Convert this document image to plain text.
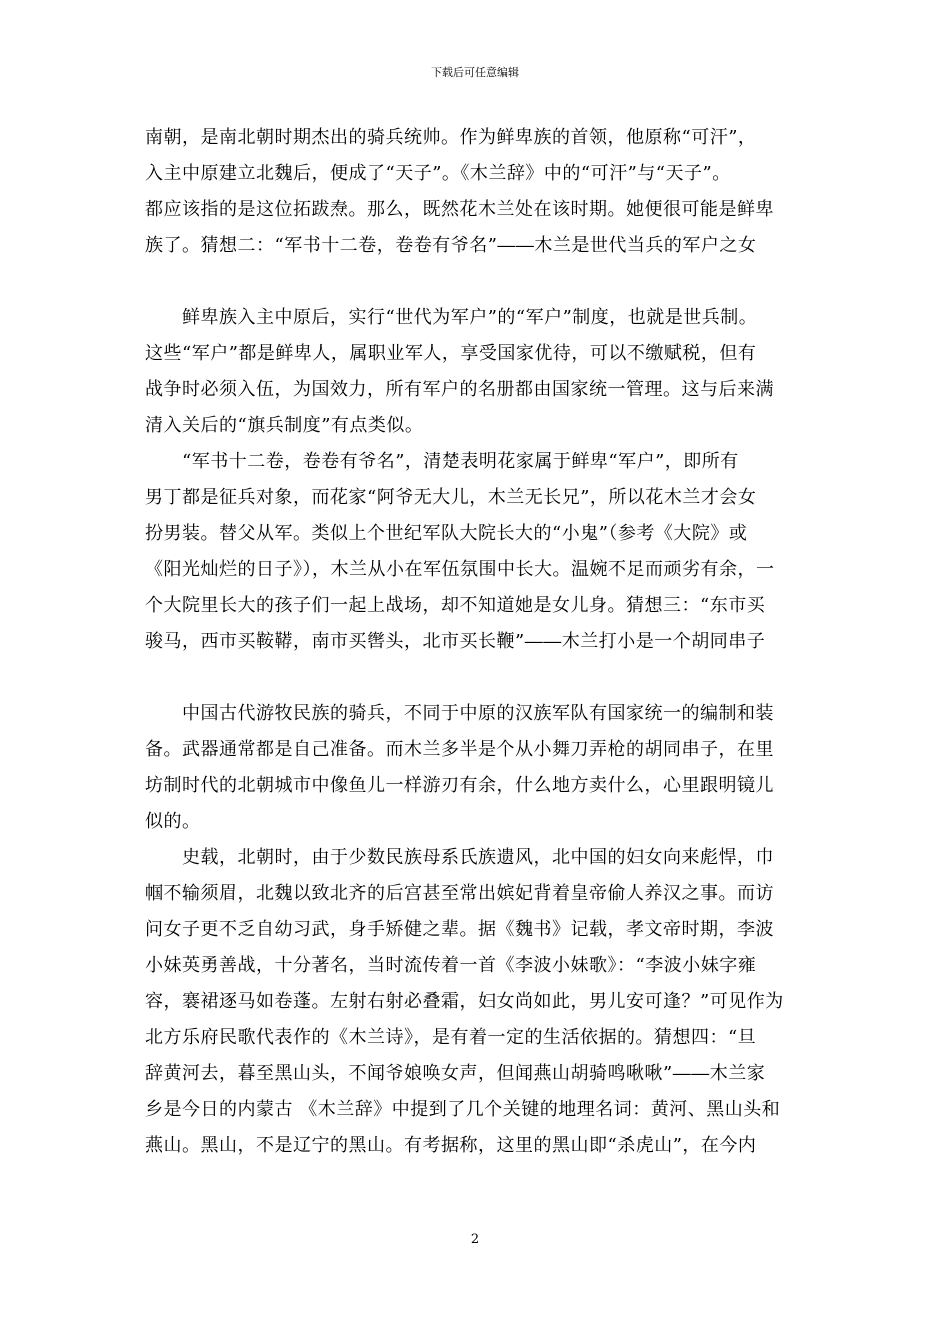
下载后可任意编辑
南朝，是南北朝时期杰出的骑兵统帅。作为鲜卑族的首领，他原称“可汗”，
入主中原建立北魏后，便成了“天子”。《木兰辞》中的“可汗”与“天子”。
都应该指的是这位拓跋焘。那么，既然花木兰处在该时期。她便很可能是鲜卑
族了。猜想二：“军书十二卷，卷卷有爷名”――木兰是世代当兵的军户之女
鲜卑族入主中原后，实行“世代为军户”的“军户”制度，也就是世兵制。
这些“军户”都是鲜卑人，属职业军人，享受国家优待，可以不缴赋税，但有
战争时必须入伍，为国效力，所有军户的名册都由国家统一管理。这与后来满
清入关后的“旗兵制度”有点类似。
“军书十二卷，卷卷有爷名”，清楚表明花家属于鲜卑“军户”，即所有
男丁都是征兵对象，而花家“阿爷无大儿，木兰无长兄”，所以花木兰才会女
扮男装。替父从军。类似上个世纪军队大院长大的“小鬼”（参考《大院》或
《阳光灿烂的日子》），木兰从小在军伍氛围中长大。温婉不足而顽劣有余，一
个大院里长大的孩子们一起上战场，却不知道她是女儿身。猜想三：“东市买
骏马，西市买鞍鞯，南市买辔头，北市买长鞭”――木兰打小是一个胡同串子
中国古代游牧民族的骑兵，不同于中原的汉族军队有国家统一的编制和装
备。武器通常都是自己准备。而木兰多半是个从小舞刀弄枪的胡同串子，在里
坊制时代的北朝城市中像鱼儿一样游刃有余，什么地方卖什么，心里跟明镜儿
似的。
史载，北朝时，由于少数民族母系氏族遗风，北中国的妇女向来彪悍，巾
帼不输须眉，北魏以致北齐的后宫甚至常出嫔妃背着皇帝偷人养汉之事。而访
问女子更不乏自幼习武，身手矫健之辈。据《魏书》记载，孝文帝时期，李波
小妹英勇善战，十分著名，当时流传着一首《李波小妹歌》：“李波小妹字雍
容，褰裙逐马如卷蓬。左射右射必叠霜，妇女尚如此，男儿安可逢？”可见作为
北方乐府民歌代表作的《木兰诗》，是有着一定的生活依据的。猜想四：“旦
辞黄河去，暮至黑山头，不闻爷娘唤女声，但闻燕山胡骑鸣啾啾”――木兰家
乡是今日的内蒙古 《木兰辞》中提到了几个关键的地理名词：黄河、黑山头和
燕山。黑山，不是辽宁的黑山。有考据称，这里的黑山即“杀虎山”，在今内
2
